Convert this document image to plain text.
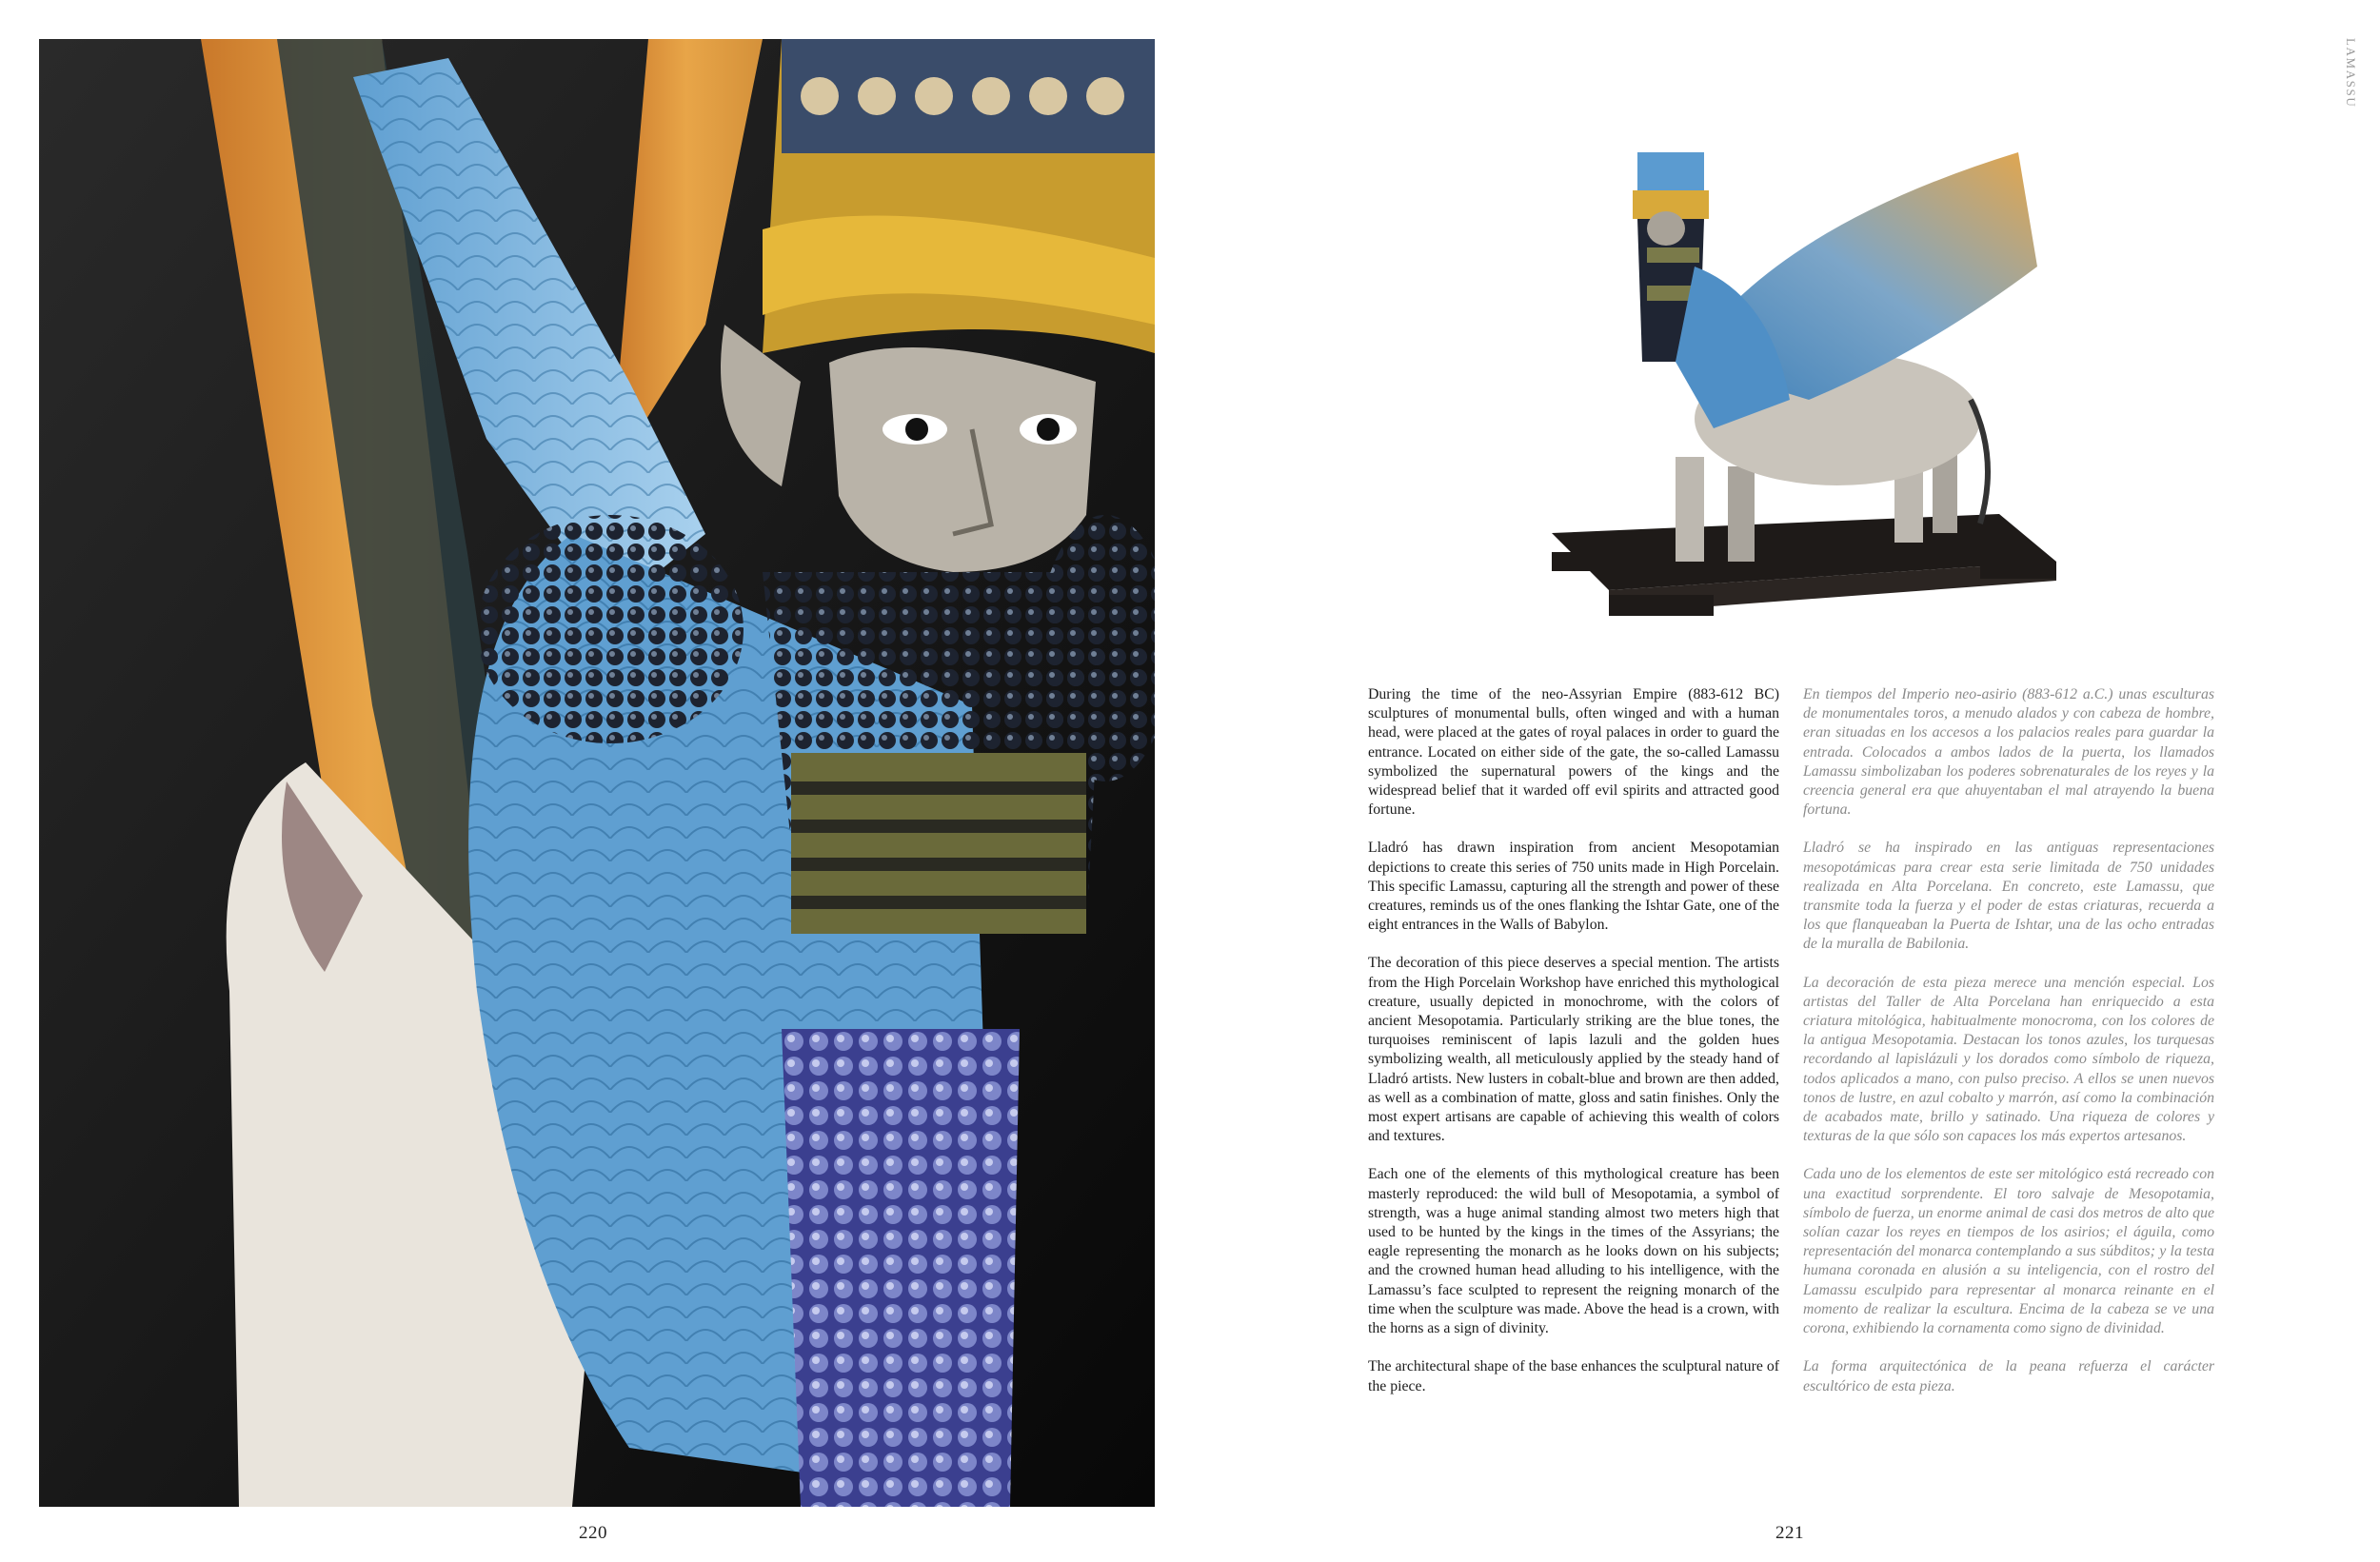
LAMASSU

During the time of the neo-Assyrian Empire (883-612 BC) sculptures of monumental bulls, often winged and with a human head, were placed at the gates of royal palaces in order to guard the entrance. Located on either side of the gate, the so-called Lamassu symbolized the supernatural powers of the kings and the widespread belief that it warded off evil spirits and attracted good fortune.

Lladró has drawn inspiration from ancient Mesopotamian depictions to create this series of 750 units made in High Porcelain. This specific Lamassu, capturing all the strength and power of these creatures, reminds us of the ones flanking the Ishtar Gate, one of the eight entrances in the Walls of Babylon.

The decoration of this piece deserves a special mention. The artists from the High Porcelain Workshop have enriched this mythological creature, usually depicted in monochrome, with the colors of ancient Mesopotamia. Particularly striking are the blue tones, the turquoises reminiscent of lapis lazuli and the golden hues symbolizing wealth, all meticulously applied by the steady hand of Lladró artists. New lusters in cobalt-blue and brown are then added, as well as a combination of matte, gloss and satin finishes. Only the most expert artisans are capable of achieving this wealth of colors and textures.

Each one of the elements of this mythological creature has been masterly reproduced: the wild bull of Mesopotamia, a symbol of strength, was a huge animal standing almost two meters high that used to be hunted by the kings in the times of the Assyrians; the eagle representing the monarch as he looks down on his subjects; and the crowned human head alluding to his intelligence, with the Lamassu’s face sculpted to represent the reigning monarch of the time when the sculpture was made. Above the head is a crown, with the horns as a sign of divinity.

The architectural shape of the base enhances the sculptural nature of the piece.

En tiempos del Imperio neo-asirio (883-612 a.C.) unas esculturas de monumentales toros, a menudo alados y con cabeza de hombre, eran situadas en los accesos a los palacios reales para guardar la entrada. Colocados a ambos lados de la puerta, los llamados Lamassu simbolizaban los poderes sobrenaturales de los reyes y la creencia general era que ahuyentaban el mal atrayendo la buena fortuna.

Lladró se ha inspirado en las antiguas representaciones mesopotámicas para crear esta serie limitada de 750 unidades realizada en Alta Porcelana. En concreto, este Lamassu, que transmite toda la fuerza y el poder de estas criaturas, recuerda a los que flanqueaban la Puerta de Ishtar, una de las ocho entradas de la muralla de Babilonia.

La decoración de esta pieza merece una mención especial. Los artistas del Taller de Alta Porcelana han enriquecido a esta criatura mitológica, habitualmente monocroma, con los colores de la antigua Mesopotamia. Destacan los tonos azules, los turquesas recordando al lapislázuli y los dorados como símbolo de riqueza, todos aplicados a mano, con pulso preciso. A ellos se unen nuevos tonos de lustre, en azul cobalto y marrón, así como la combinación de acabados mate, brillo y satinado. Una riqueza de colores y texturas de la que sólo son capaces los más expertos artesanos.

Cada uno de los elementos de este ser mitológico está recreado con una exactitud sorprendente. El toro salvaje de Mesopotamia, símbolo de fuerza, un enorme animal de casi dos metros de alto que solían cazar los reyes en tiempos de los asirios; el águila, como representación del monarca contemplando a sus súbditos; y la testa humana coronada en alusión a su inteligencia, con el rostro del Lamassu esculpido para representar al monarca reinante en el momento de realizar la escultura. Encima de la cabeza se ve una corona, exhibiendo la cornamenta como signo de divinidad.

La forma arquitectónica de la peana refuerza el carácter escultórico de esta pieza.

220	221
